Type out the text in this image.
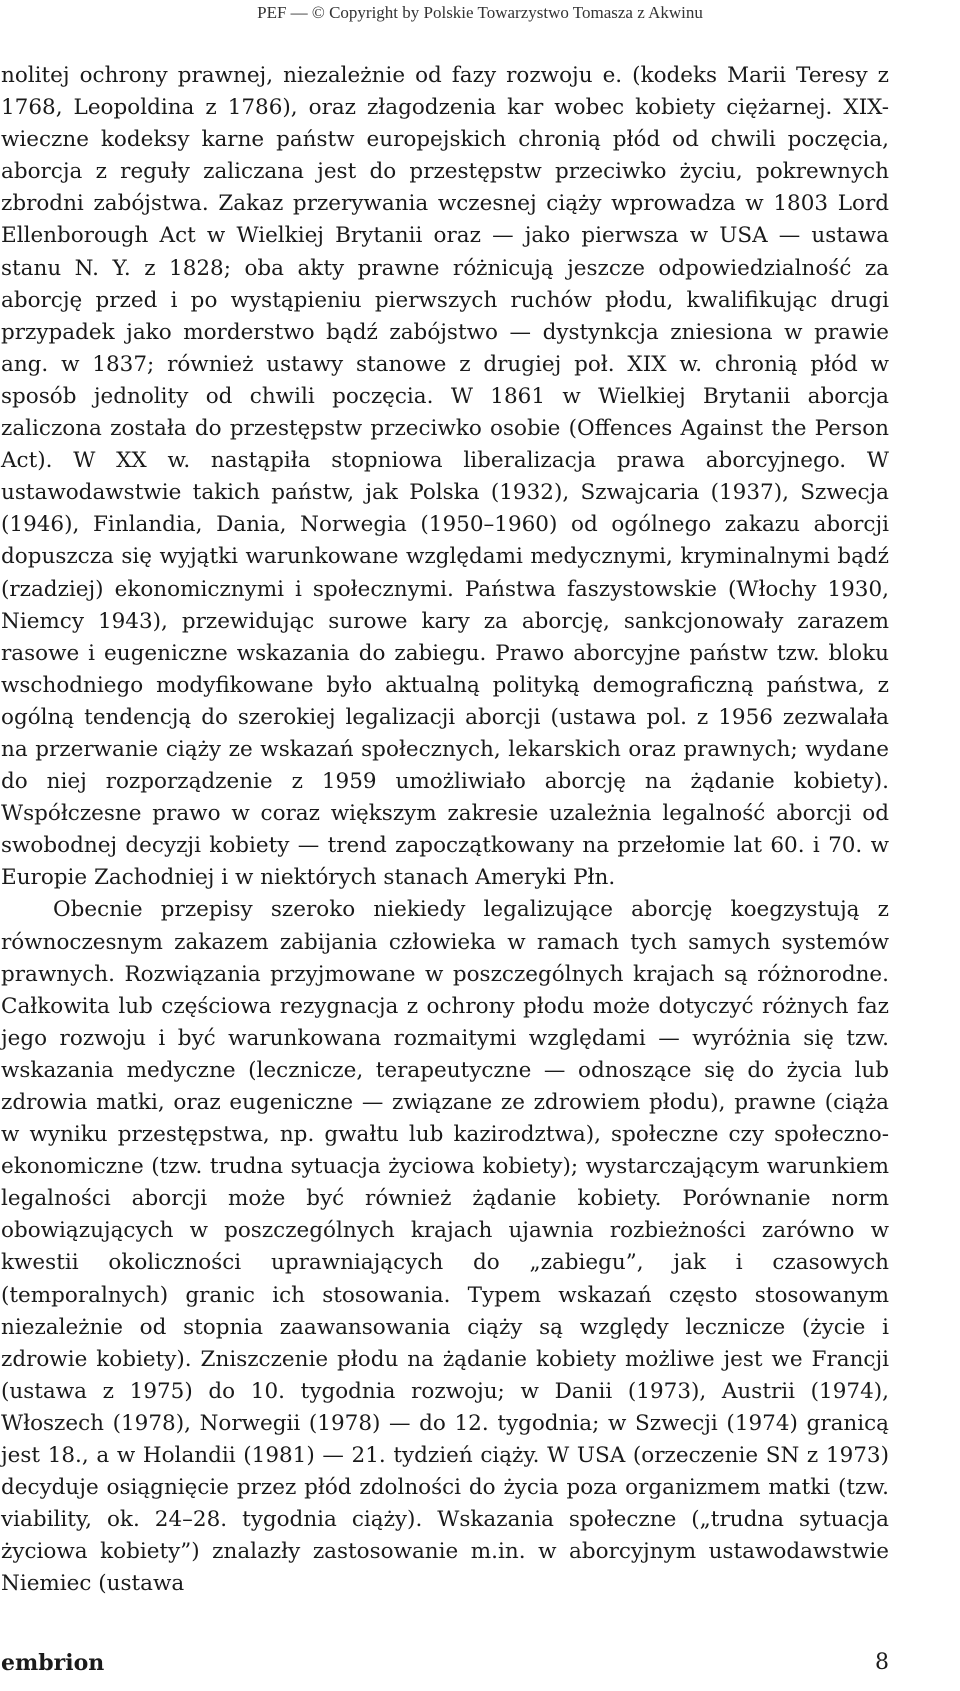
PEF — © Copyright by Polskie Towarzystwo Tomasza z Akwinu

nolitej ochrony prawnej, niezależnie od fazy rozwoju e. (kodeks Marii Teresy z 1768, Leopoldina z 1786), oraz złagodzenia kar wobec kobiety ciężarnej. XIX-wieczne kodeksy karne państw europejskich chronią płód od chwili poczęcia, aborcja z reguły zaliczana jest do przestępstw przeciwko życiu, pokrewnych zbrodni zabójstwa. Zakaz przerywania wczesnej ciąży wprowadza w 1803 Lord Ellenborough Act w Wielkiej Brytanii oraz — jako pierwsza w USA — ustawa stanu N. Y. z 1828; oba akty prawne różnicują jeszcze odpowiedzialność za aborcję przed i po wystąpieniu pierwszych ruchów płodu, kwalifikując drugi przypadek jako morderstwo bądź zabójstwo — dystynkcja zniesiona w prawie ang. w 1837; również ustawy stanowe z drugiej poł. XIX w. chronią płód w sposób jednolity od chwili poczęcia. W 1861 w Wielkiej Brytanii aborcja zaliczona została do przestępstw przeciwko osobie (Offences Against the Person Act). W XX w. nastąpiła stopniowa liberalizacja prawa aborcyjnego. W ustawodawstwie takich państw, jak Polska (1932), Szwajcaria (1937), Szwecja (1946), Finlandia, Dania, Norwegia (1950–1960) od ogólnego zakazu aborcji dopuszcza się wyjątki warunkowane względami medycznymi, kryminalnymi bądź (rzadziej) ekonomicznymi i społecznymi. Państwa faszystowskie (Włochy 1930, Niemcy 1943), przewidując surowe kary za aborcję, sankcjonowały zarazem rasowe i eugeniczne wskazania do zabiegu. Prawo aborcyjne państw tzw. bloku wschodniego modyfikowane było aktualną polityką demograficzną państwa, z ogólną tendencją do szerokiej legalizacji aborcji (ustawa pol. z 1956 zezwalała na przerwanie ciąży ze wskazań społecznych, lekarskich oraz prawnych; wydane do niej rozporządzenie z 1959 umożliwiało aborcję na żądanie kobiety). Współczesne prawo w coraz większym zakresie uzależnia legalność aborcji od swobodnej decyzji kobiety — trend zapoczątkowany na przełomie lat 60. i 70. w Europie Zachodniej i w niektórych stanach Ameryki Płn.

Obecnie przepisy szeroko niekiedy legalizujące aborcję koegzystują z równoczesnym zakazem zabijania człowieka w ramach tych samych systemów prawnych. Rozwiązania przyjmowane w poszczególnych krajach są różnorodne. Całkowita lub częściowa rezygnacja z ochrony płodu może dotyczyć różnych faz jego rozwoju i być warunkowana rozmaitymi względami — wyróżnia się tzw. wskazania medyczne (lecznicze, terapeutyczne — odnoszące się do życia lub zdrowia matki, oraz eugeniczne — związane ze zdrowiem płodu), prawne (ciąża w wyniku przestępstwa, np. gwałtu lub kazirodztwa), społeczne czy społeczno-ekonomiczne (tzw. trudna sytuacja życiowa kobiety); wystarczającym warunkiem legalności aborcji może być również żądanie kobiety. Porównanie norm obowiązujących w poszczególnych krajach ujawnia rozbieżności zarówno w kwestii okoliczności uprawniających do „zabiegu”, jak i czasowych (temporalnych) granic ich stosowania. Typem wskazań często stosowanym niezależnie od stopnia zaawansowania ciąży są względy lecznicze (życie i zdrowie kobiety). Zniszczenie płodu na żądanie kobiety możliwe jest we Francji (ustawa z 1975) do 10. tygodnia rozwoju; w Danii (1973), Austrii (1974), Włoszech (1978), Norwegii (1978) — do 12. tygodnia; w Szwecji (1974) granicą jest 18., a w Holandii (1981) — 21. tydzień ciąży. W USA (orzeczenie SN z 1973) decyduje osiągnięcie przez płód zdolności do życia poza organizmem matki (tzw. viability, ok. 24–28. tygodnia ciąży). Wskazania społeczne („trudna sytuacja życiowa kobiety”) znalazły zastosowanie m.in. w aborcyjnym ustawodawstwie Niemiec (ustawa

embrion	8
